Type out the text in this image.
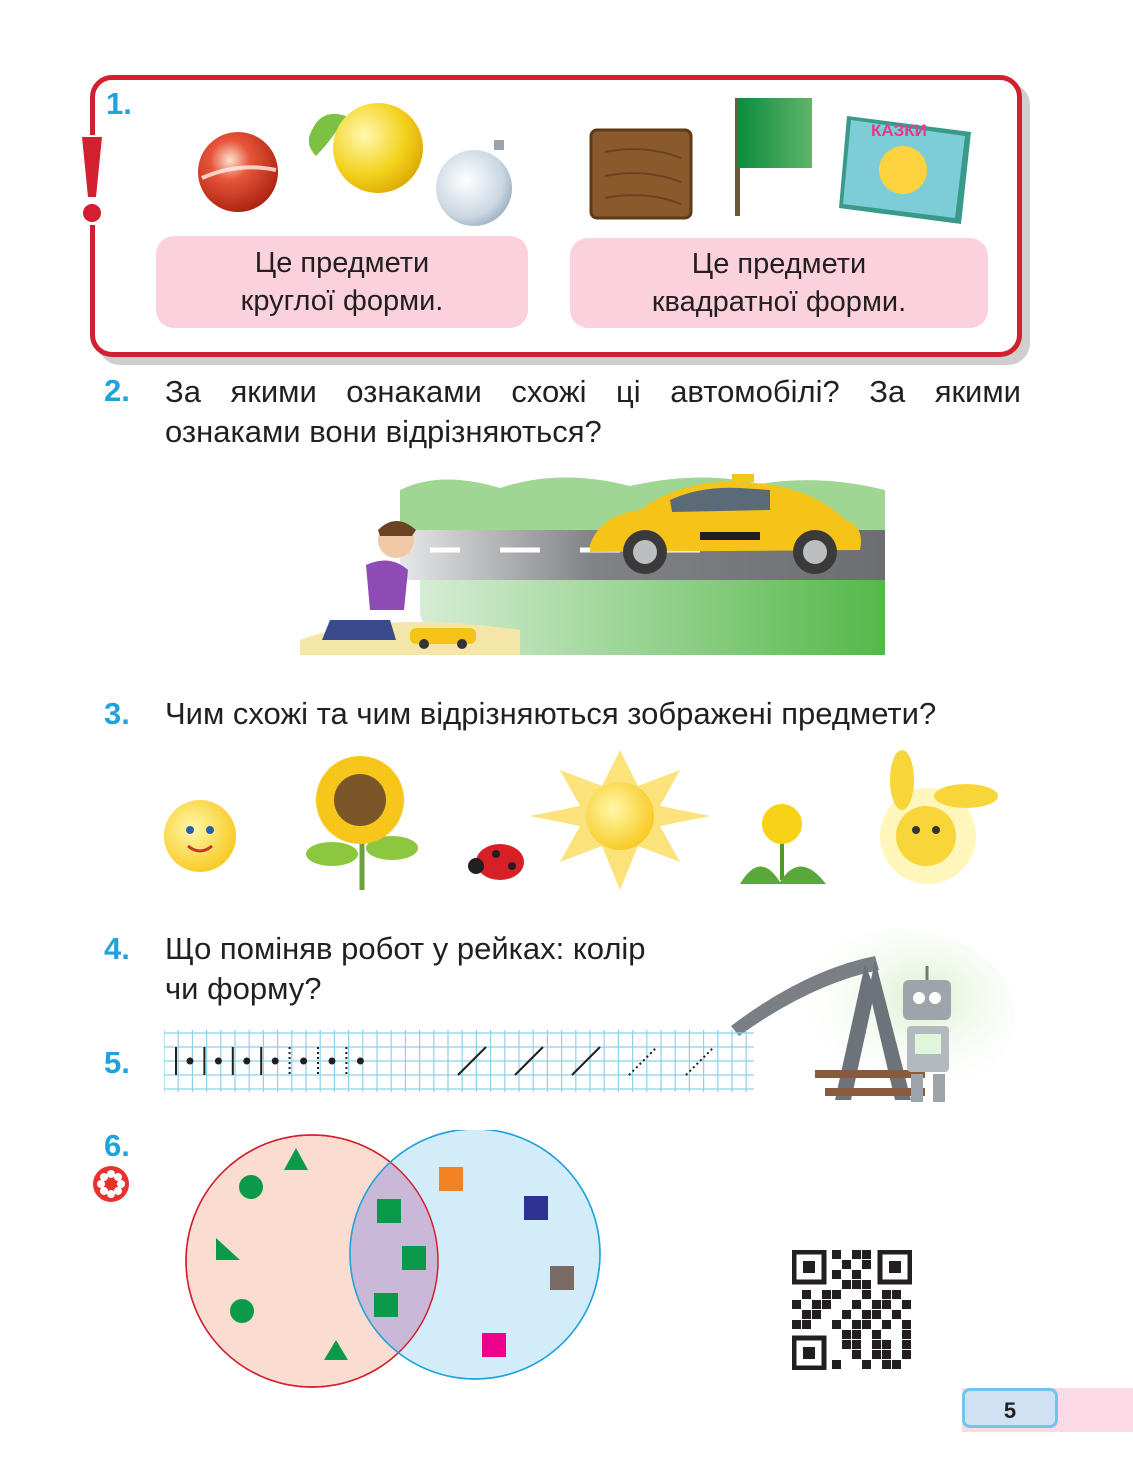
1.
КАЗКИ
Це предмети
круглої форми.
Це предмети
квадратної форми.
2. За якими ознаками схожі ці автомобілі? За якими
ознаками вони відрізняються?
3. Чим схожі та чим відрізняються зображені предмети?
4. Що поміняв робот у рейках: колір
чи форму?
5.
6.
5
